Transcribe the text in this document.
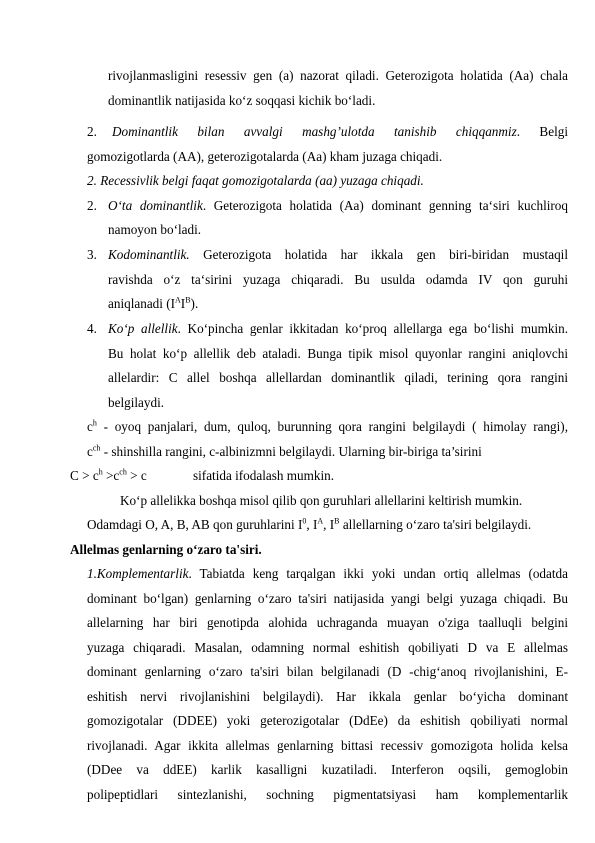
rivojlanmasligini resessiv gen (a) nazorat qiladi. Geterozigota holatida (Aa) chala
dominantlik natijasida koʻz soqqasi kichik boʻladi.
2. Dominantlik bilan avvalgi mashg’ulotda tanishib chiqqanmiz. Belgi
gomozigotlarda (AA), geterozigotalarda (Aa) kham juzaga chiqadi.
2. Recessivlik belgi faqat gomozigotalarda (aa) yuzaga chiqadi.
2. Oʻta dominantlik. Geterozigota holatida (Aa) dominant genning taʻsiri kuchliroq
namoyon boʻladi.
3. Kodominantlik. Geterozigota holatida har ikkala gen biri-biridan mustaqil
ravishda oʻz taʻsirini yuzaga chiqaradi. Bu usulda odamda IV qon guruhi
aniqlanadi $(I^AI^B)$.
4. Koʻp allellik. Koʻpincha genlar ikkitadan koʻproq allellarga ega boʻlishi mumkin.
Bu holat koʻp allellik deb ataladi. Bunga tipik misol quyonlar rangini aniqlovchi
allelardir: C allel boshqa allellardan dominantlik qiladi, terining qora rangini
belgilaydi.
$c^h$ - oyoq panjalari, dum, quloq, burunning qora rangini belgilaydi ( himolay rangi),
$c^{ch}$ - shinshilla rangini, c-albinizmni belgilaydi. Ularning bir-biriga ta’sirini
$C > c^h >c^{ch} > c$	sifatida ifodalash mumkin.
Ko‘p allelikka boshqa misol qilib qon guruhlari allellarini keltirish mumkin.
Odamdagi O, A, B, AB qon guruhlarini $I^0$, $I^A$, $I^B$ allellarning o‘zaro ta'siri belgilaydi.
Allelmas genlarning o‘zaro ta'siri.
1.Komplementarlik. Tabiatda keng tarqalgan ikki yoki undan ortiq allelmas (odatda
dominant bo‘lgan) genlarning o‘zaro ta'siri natijasida yangi belgi yuzaga chiqadi. Bu
allelarning har biri genotipda alohida uchraganda muayan o'ziga taalluqli belgini
yuzaga chiqaradi. Masalan, odamning normal eshitish qobiliyati D va E allelmas
dominant genlarning o‘zaro ta'siri bilan belgilanadi (D -chig‘anoq rivojlanishini, E-
eshitish nervi rivojlanishini belgilaydi). Har ikkala genlar bo‘yicha dominant
gomozigotalar (DDEE) yoki geterozigotalar (DdEe) da eshitish qobiliyati normal
rivojlanadi. Agar ikkita allelmas genlarning bittasi recessiv gomozigota holida kelsa
(DDee va ddEE) karlik kasalligni kuzatiladi. Interferon oqsili, gemoglobin
polipeptidlari sintezlanishi, sochning pigmentatsiyasi ham komplementarlik
